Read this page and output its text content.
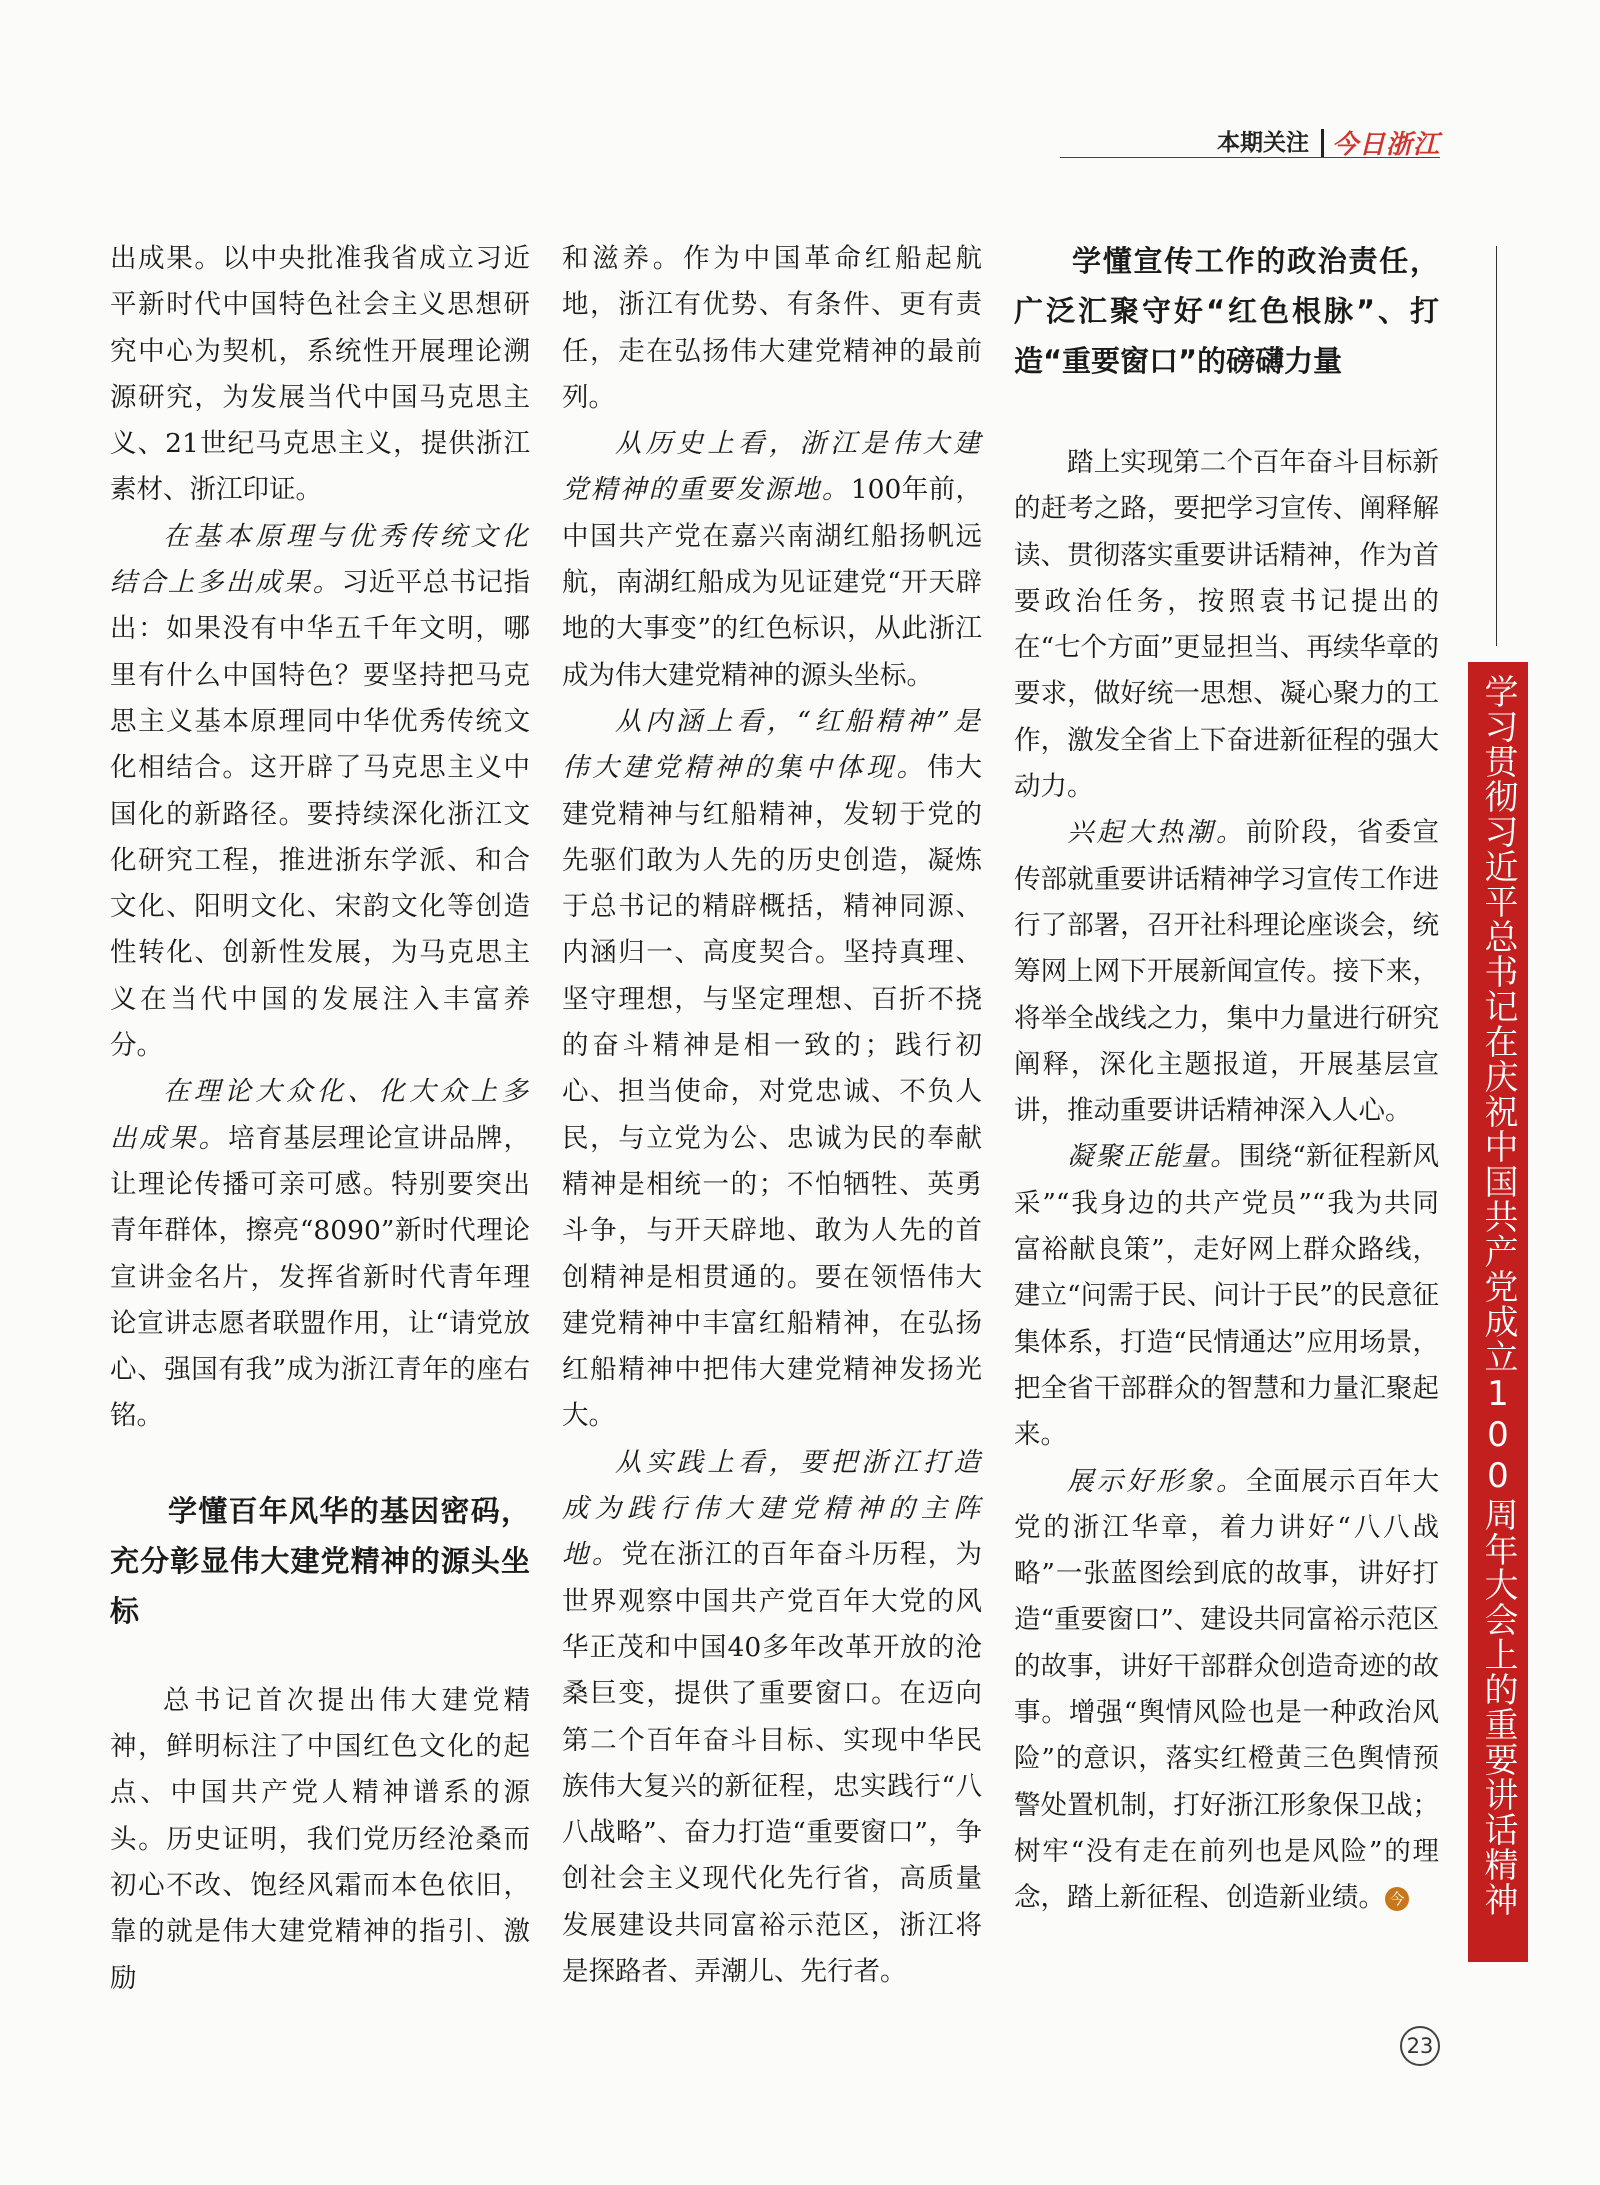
本期关注 今日浙江

出成果。以中央批准我省成立习近平新时代中国特色社会主义思想研究中心为契机，系统性开展理论溯源研究，为发展当代中国马克思主义、21世纪马克思主义，提供浙江素材、浙江印证。

在基本原理与优秀传统文化结合上多出成果。习近平总书记指出：如果没有中华五千年文明，哪里有什么中国特色？要坚持把马克思主义基本原理同中华优秀传统文化相结合。这开辟了马克思主义中国化的新路径。要持续深化浙江文化研究工程，推进浙东学派、和合文化、阳明文化、宋韵文化等创造性转化、创新性发展，为马克思主义在当代中国的发展注入丰富养分。

在理论大众化、化大众上多出成果。培育基层理论宣讲品牌，让理论传播可亲可感。特别要突出青年群体，擦亮“8090”新时代理论宣讲金名片，发挥省新时代青年理论宣讲志愿者联盟作用，让“请党放心、强国有我”成为浙江青年的座右铭。

学懂百年风华的基因密码，充分彰显伟大建党精神的源头坐标

总书记首次提出伟大建党精神，鲜明标注了中国红色文化的起点、中国共产党人精神谱系的源头。历史证明，我们党历经沧桑而初心不改、饱经风霜而本色依旧，靠的就是伟大建党精神的指引、激励

和滋养。作为中国革命红船起航地，浙江有优势、有条件、更有责任，走在弘扬伟大建党精神的最前列。

从历史上看，浙江是伟大建党精神的重要发源地。100年前，中国共产党在嘉兴南湖红船扬帆远航，南湖红船成为见证建党“开天辟地的大事变”的红色标识，从此浙江成为伟大建党精神的源头坐标。

从内涵上看，“红船精神”是伟大建党精神的集中体现。伟大建党精神与红船精神，发轫于党的先驱们敢为人先的历史创造，凝炼于总书记的精辟概括，精神同源、内涵归一、高度契合。坚持真理、坚守理想，与坚定理想、百折不挠的奋斗精神是相一致的；践行初心、担当使命，对党忠诚、不负人民，与立党为公、忠诚为民的奉献精神是相统一的；不怕牺牲、英勇斗争，与开天辟地、敢为人先的首创精神是相贯通的。要在领悟伟大建党精神中丰富红船精神，在弘扬红船精神中把伟大建党精神发扬光大。

从实践上看，要把浙江打造成为践行伟大建党精神的主阵地。党在浙江的百年奋斗历程，为世界观察中国共产党百年大党的风华正茂和中国40多年改革开放的沧桑巨变，提供了重要窗口。在迈向第二个百年奋斗目标、实现中华民族伟大复兴的新征程，忠实践行“八八战略”、奋力打造“重要窗口”，争创社会主义现代化先行省，高质量发展建设共同富裕示范区，浙江将是探路者、弄潮儿、先行者。

学懂宣传工作的政治责任，广泛汇聚守好“红色根脉”、打造“重要窗口”的磅礴力量

踏上实现第二个百年奋斗目标新的赶考之路，要把学习宣传、阐释解读、贯彻落实重要讲话精神，作为首要政治任务，按照袁书记提出的在“七个方面”更显担当、再续华章的要求，做好统一思想、凝心聚力的工作，激发全省上下奋进新征程的强大动力。

兴起大热潮。前阶段，省委宣传部就重要讲话精神学习宣传工作进行了部署，召开社科理论座谈会，统筹网上网下开展新闻宣传。接下来，将举全战线之力，集中力量进行研究阐释，深化主题报道，开展基层宣讲，推动重要讲话精神深入人心。

凝聚正能量。围绕“新征程新风采”“我身边的共产党员”“我为共同富裕献良策”，走好网上群众路线，建立“问需于民、问计于民”的民意征集体系，打造“民情通达”应用场景，把全省干部群众的智慧和力量汇聚起来。

展示好形象。全面展示百年大党的浙江华章，着力讲好“八八战略”一张蓝图绘到底的故事，讲好打造“重要窗口”、建设共同富裕示范区的故事，讲好干部群众创造奇迹的故事。增强“舆情风险也是一种政治风险”的意识，落实红橙黄三色舆情预警处置机制，打好浙江形象保卫战；树牢“没有走在前列也是风险”的理念，踏上新征程、创造新业绩。 今	学习贯彻习近平总书记在庆祝中国共产党成立100周年大会上的重要讲话精神
23
